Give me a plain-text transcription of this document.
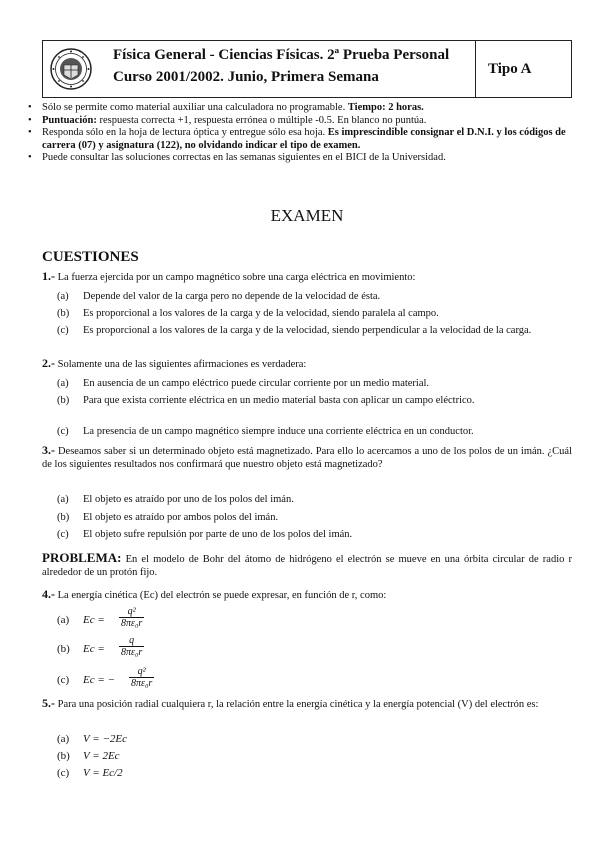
Física General - Ciencias Físicas. 2ª Prueba Personal
Curso 2001/2002. Junio, Primera Semana	Tipo A
• Sólo se permite como material auxiliar una calculadora no programable. Tiempo: 2 horas.
• Puntuación: respuesta correcta +1, respuesta errónea o múltiple -0.5. En blanco no puntúa.
• Responda sólo en la hoja de lectura óptica y entregue sólo esa hoja. Es imprescindible consignar el D.N.I. y los códigos de carrera (07) y asignatura (122), no olvidando indicar el tipo de examen.
• Puede consultar las soluciones correctas en las semanas siguientes en el BICI de la Universidad.
EXAMEN
CUESTIONES
1.- La fuerza ejercida por un campo magnético sobre una carga eléctrica en movimiento:
(a)	Depende del valor de la carga pero no depende de la velocidad de ésta.
(b)	Es proporcional a los valores de la carga y de la velocidad, siendo paralela al campo.
(c)	Es proporcional a los valores de la carga y de la velocidad, siendo perpendicular a la velocidad de la carga.
2.- Solamente una de las siguientes afirmaciones es verdadera:
(a)	En ausencia de un campo eléctrico puede circular corriente por un medio material.
(b)	Para que exista corriente eléctrica en un medio material basta con aplicar un campo eléctrico.
(c)	La presencia de un campo magnético siempre induce una corriente eléctrica en un conductor.
3.- Deseamos saber si un determinado objeto está magnetizado. Para ello lo acercamos a uno de los polos de un imán. ¿Cuál de los siguientes resultados nos confirmará que nuestro objeto está magnetizado?
(a)	El objeto es atraído por uno de los polos del imán.
(b)	El objeto es atraído por ambos polos del imán.
(c)	El objeto sufre repulsión por parte de uno de los polos del imán.
PROBLEMA: En el modelo de Bohr del átomo de hidrógeno el electrón se mueve en una órbita circular de radio r alrededor de un protón fijo.
4.- La energía cinética (Ec) del electrón se puede expresar, en función de r, como:
(a) $Ec = \frac{\text{q²}}{\text{8πε₀r}}$
(b) $Ec = \frac{q}{\text{8πε₀r}}$
(c) Ec = − $\frac{\text{q²}}{\text{8πε₀r}}$
5.- Para una posición radial cualquiera r, la relación entre la energía cinética y la energía potencial (V) del electrón es:
(a) V = −2Ec
(b) V = 2Ec
(c) V = Ec/2
